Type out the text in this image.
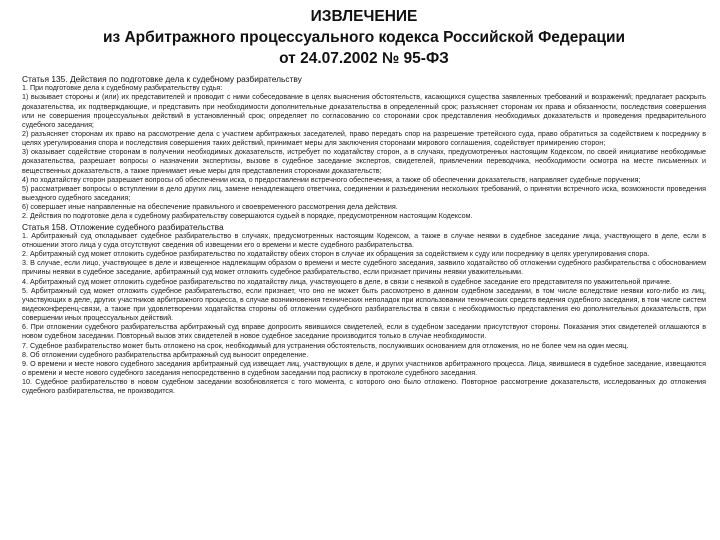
ИЗВЛЕЧЕНИЕ
из Арбитражного процессуального кодекса Российской Федерации
от 24.07.2002 № 95-ФЗ
Статья 135. Действия по подготовке дела к судебному разбирательству
1. При подготовке дела к судебному разбирательству судья:
1) вызывает стороны и (или) их представителей и проводит с ними собеседование в целях выяснения обстоятельств, касающихся существа заявленных требований и возражений; предлагает раскрыть доказательства, их подтверждающие, и представить при необходимости дополнительные доказательства в определенный срок; разъясняет сторонам их права и обязанности, последствия совершения или не совершения процессуальных действий в установленный срок; определяет по согласованию со сторонами срок представления необходимых доказательств и проведения предварительного судебного заседания;
2) разъясняет сторонам их право на рассмотрение дела с участием арбитражных заседателей, право передать спор на разрешение третейского суда, право обратиться за содействием к посреднику в целях урегулирования спора и последствия совершения таких действий, принимает меры для заключения сторонами мирового соглашения, содействует примирению сторон;
3) оказывает содействие сторонам в получении необходимых доказательств, истребует по ходатайству сторон, а в случаях, предусмотренных настоящим Кодексом, по своей инициативе необходимые доказательства, разрешает вопросы о назначении экспертизы, вызове в судебное заседание экспертов, свидетелей, привлечении переводчика, необходимости осмотра на месте письменных и вещественных доказательств, а также принимает иные меры для представления сторонами доказательств;
4) по ходатайству сторон разрешает вопросы об обеспечении иска, о предоставлении встречного обеспечения, а также об обеспечении доказательств, направляет судебные поручения;
5) рассматривает вопросы о вступлении в дело других лиц, замене ненадлежащего ответчика, соединении и разъединении нескольких требований, о принятии встречного иска, возможности проведения выездного судебного заседания;
6) совершает иные направленные на обеспечение правильного и своевременного рассмотрения дела действия.
2. Действия по подготовке дела к судебному разбирательству совершаются судьей в порядке, предусмотренном настоящим Кодексом.
Статья 158. Отложение судебного разбирательства
1. Арбитражный суд откладывает судебное разбирательство в случаях, предусмотренных настоящим Кодексом, а также в случае неявки в судебное заседание лица, участвующего в деле, если в отношении этого лица у суда отсутствуют сведения об извещении его о времени и месте судебного разбирательства.
2. Арбитражный суд может отложить судебное разбирательство по ходатайству обеих сторон в случае их обращения за содействием к суду или посреднику в целях урегулирования спора.
3. В случае, если лицо, участвующее в деле и извещенное надлежащим образом о времени и месте судебного заседания, заявило ходатайство об отложении судебного разбирательства с обоснованием причины неявки в судебное заседание, арбитражный суд может отложить судебное разбирательство, если признает причины неявки уважительными.
4. Арбитражный суд может отложить судебное разбирательство по ходатайству лица, участвующего в деле, в связи с неявкой в судебное заседание его представителя по уважительной причине.
5. Арбитражный суд может отложить судебное разбирательство, если признает, что оно не может быть рассмотрено в данном судебном заседании, в том числе вследствие неявки кого-либо из лиц, участвующих в деле, других участников арбитражного процесса, в случае возникновения технических неполадок при использовании технических средств ведения судебного заседания, в том числе систем видеоконференц-связи, а также при удовлетворении ходатайства стороны об отложении судебного разбирательства в связи с необходимостью представления ею дополнительных доказательств, при совершении иных процессуальных действий.
6. При отложении судебного разбирательства арбитражный суд вправе допросить явившихся свидетелей, если в судебном заседании присутствуют стороны. Показания этих свидетелей оглашаются в новом судебном заседании. Повторный вызов этих свидетелей в новое судебное заседание производится только в случае необходимости.
7. Судебное разбирательство может быть отложено на срок, необходимый для устранения обстоятельств, послуживших основанием для отложения, но не более чем на один месяц.
8. Об отложении судебного разбирательства арбитражный суд выносит определение.
9. О времени и месте нового судебного заседания арбитражный суд извещает лиц, участвующих в деле, и других участников арбитражного процесса. Лица, явившиеся в судебное заседание, извещаются о времени и месте нового судебного заседания непосредственно в судебном заседании под расписку в протоколе судебного заседания.
10. Судебное разбирательство в новом судебном заседании возобновляется с того момента, с которого оно было отложено. Повторное рассмотрение доказательств, исследованных до отложения судебного разбирательства, не производится.
